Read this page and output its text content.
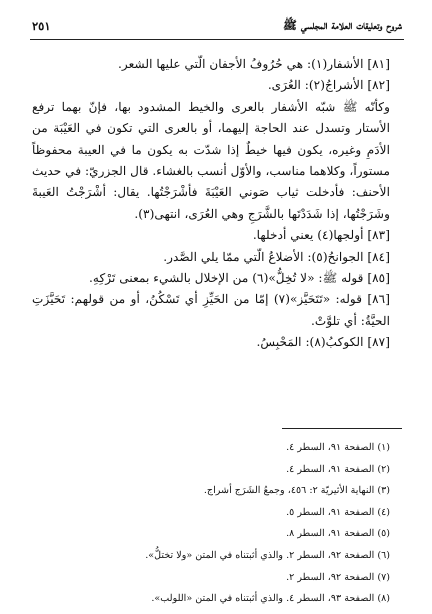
شروح وتعليقات العلامة المجلسي ﷺ
٢٥١

[٨١] الأشفار(١): هي حُرُوفُ الأجفان الّتي عليها الشعر.

[٨٢] الأشراجُ(٢): العُرَى.

وكأنّه ﷺ شبّه الأشفار بالعرى والخيط المشدود بها، فإنّ بهما ترفع الأستار وتسدل عند الحاجة إليهما، أو بالعرى التي تكون في العَيْبَة من الأدَمِ وغيره، يكون فيها خيطٌ إذا شدّت به يكون ما في العيبة محفوظاً مستوراً، وكلاهما مناسب، والأوّل أنسب بالغشاء. قال الجزريّ: في حديث الأحنف: فأدخلت ثياب صَوني العَيْبَةَ فأشْرَجْتُها. يقال: أشْرَجْتُ العَيبةَ وشَرَجْتُها، إذا شَدَدْتَها بالشَّرَجِ وهي العُرَى، انتهى(٣).

[٨٣] أولجها(٤) يعني أدخلها.

[٨٤] الجوانحُ(٥): الأضلاعُ الّتي ممّا يلي الصَّدر.

[٨٥] قوله ﷺ: «لا تُخِلُّ»(٦) من الإخلال بالشيء بمعنى تَرْكِهِ.

[٨٦] قوله: «تَتَحَيَّز»(٧) إمّا من الحَيِّزِ أي تَسْكُنُ، أو من قولهم: تَحَيَّزَتِ الحيَّةُ: أي تلوَّتْ.

[٨٧] الكوكبُ(٨): المَحْبِسُ.

(١) الصفحة ٩١، السطر ٤.

(٢) الصفحة ٩١، السطر ٤.

(٣) النهاية الأثيريّة ٢: ٤٥٦، وجمعُ الشَرَج أشراج.

(٤) الصفحة ٩١، السطر ٥.

(٥) الصفحة ٩١، السطر ٨.

(٦) الصفحة ٩٢، السطر ٢. والذي أثبتناه في المتن «ولا تختلُّ».

(٧) الصفحة ٩٢، السطر ٢.

(٨) الصفحة ٩٣، السطر ٤. والذي أثبتناه في المتن «اللولب».
